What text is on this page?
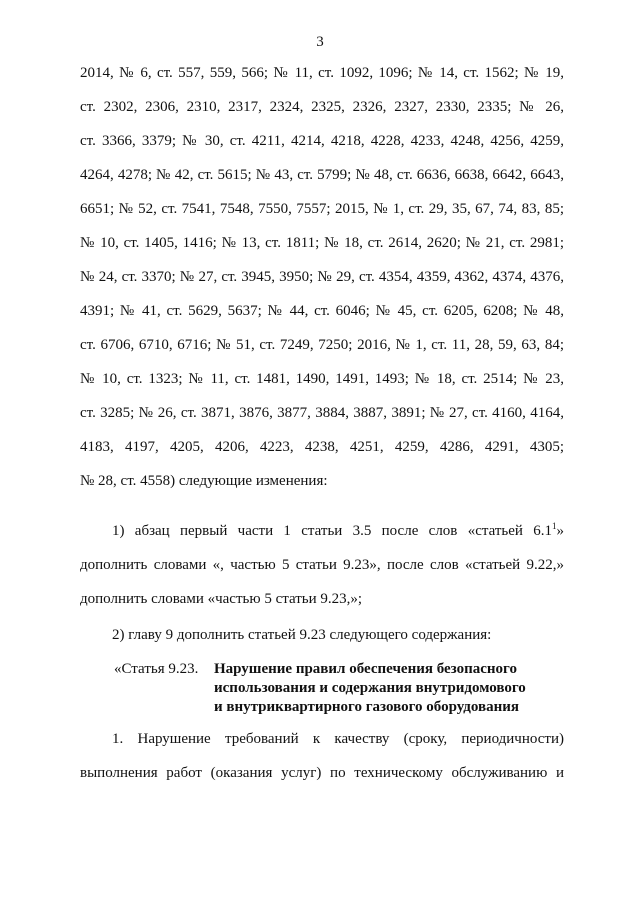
3
2014, № 6, ст. 557, 559, 566; № 11, ст. 1092, 1096; № 14, ст. 1562; № 19,
ст. 2302, 2306, 2310, 2317, 2324, 2325, 2326, 2327, 2330, 2335; № 26,
ст. 3366, 3379; № 30, ст. 4211, 4214, 4218, 4228, 4233, 4248, 4256, 4259,
4264, 4278; № 42, ст. 5615; № 43, ст. 5799; № 48, ст. 6636, 6638, 6642, 6643,
6651; № 52, ст. 7541, 7548, 7550, 7557; 2015, № 1, ст. 29, 35, 67, 74, 83, 85;
№ 10, ст. 1405, 1416; № 13, ст. 1811; № 18, ст. 2614, 2620; № 21, ст. 2981;
№ 24, ст. 3370; № 27, ст. 3945, 3950; № 29, ст. 4354, 4359, 4362, 4374, 4376,
4391; № 41, ст. 5629, 5637; № 44, ст. 6046; № 45, ст. 6205, 6208; № 48,
ст. 6706, 6710, 6716; № 51, ст. 7249, 7250; 2016, № 1, ст. 11, 28, 59, 63, 84;
№ 10, ст. 1323; № 11, ст. 1481, 1490, 1491, 1493; № 18, ст. 2514; № 23,
ст. 3285; № 26, ст. 3871, 3876, 3877, 3884, 3887, 3891; № 27, ст. 4160, 4164,
4183, 4197, 4205, 4206, 4223, 4238, 4251, 4259, 4286, 4291, 4305;
№ 28, ст. 4558) следующие изменения:
1) абзац первый части 1 статьи 3.5 после слов «статьей $6.1^1$»
дополнить словами «, частью 5 статьи 9.23», после слов «статьей 9.22,»
дополнить словами «частью 5 статьи 9.23,»;
2) главу 9 дополнить статьей 9.23 следующего содержания:
«Статья 9.23. Нарушение правил обеспечения безопасного
использования и содержания внутридомового
и внутриквартирного газового оборудования
1. Нарушение требований к качеству (сроку, периодичности)
выполнения работ (оказания услуг) по техническому обслуживанию и
